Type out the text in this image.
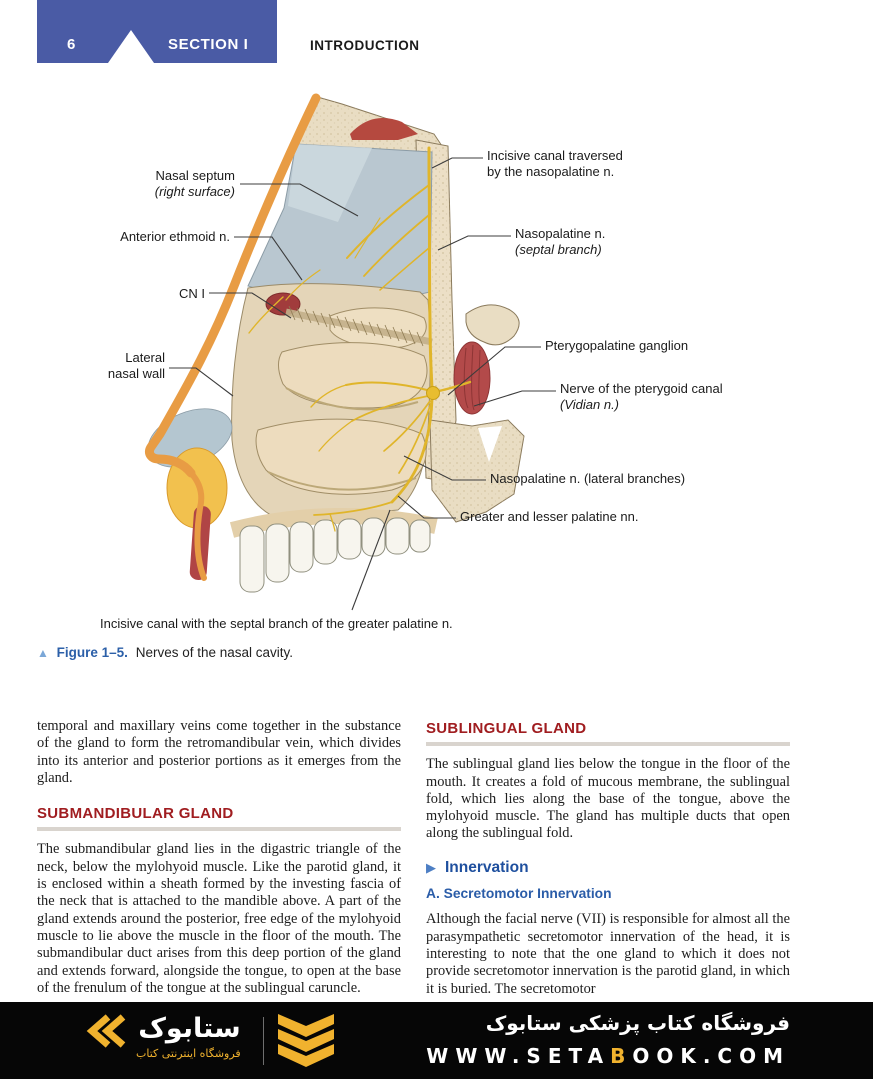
6	SECTION I	INTRODUCTION
Nasal septum
(right surface)
Anterior ethmoid n.
CN I
Lateral
nasal wall
Incisive canal traversed
by the nasopalatine n.
Nasopalatine n.
(septal branch)
Pterygopalatine ganglion
Nerve of the pterygoid canal
(Vidian n.)
Nasopalatine n. (lateral branches)
Greater and lesser palatine nn.
Incisive canal with the septal branch of the greater palatine n.
▲ Figure 1–5. Nerves of the nasal cavity.

temporal and maxillary veins come together in the substance of the gland to form the retromandibular vein, which divides into its anterior and posterior portions as it emerges from the gland.

SUBMANDIBULAR GLAND

The submandibular gland lies in the digastric triangle of the neck, below the mylohyoid muscle. Like the parotid gland, it is enclosed within a sheath formed by the investing fascia of the neck that is attached to the mandible above. A part of the gland extends around the posterior, free edge of the mylohyoid muscle to lie above the muscle in the floor of the mouth. The submandibular duct arises from this deep portion of the gland and extends forward, alongside the tongue, to open at the base of the frenulum of the tongue at the sublingual caruncle.

SUBLINGUAL GLAND

The sublingual gland lies below the tongue in the floor of the mouth. It creates a fold of mucous membrane, the sublingual fold, which lies along the base of the tongue, above the mylohyoid muscle. The gland has multiple ducts that open along the sublingual fold.

▶ Innervation
A. Secretomotor Innervation

Although the facial nerve (VII) is responsible for almost all the parasympathetic secretomotor innervation of the head, it is interesting to note that the one gland to which it does not provide secretomotor innervation is the parotid gland, in which it is buried. The secretomotor

ستابوک
فروشگاه اینترنتی کتاب
فروشگاه کتاب پزشکی ستابوک
WWW.SETABOOK.COM
